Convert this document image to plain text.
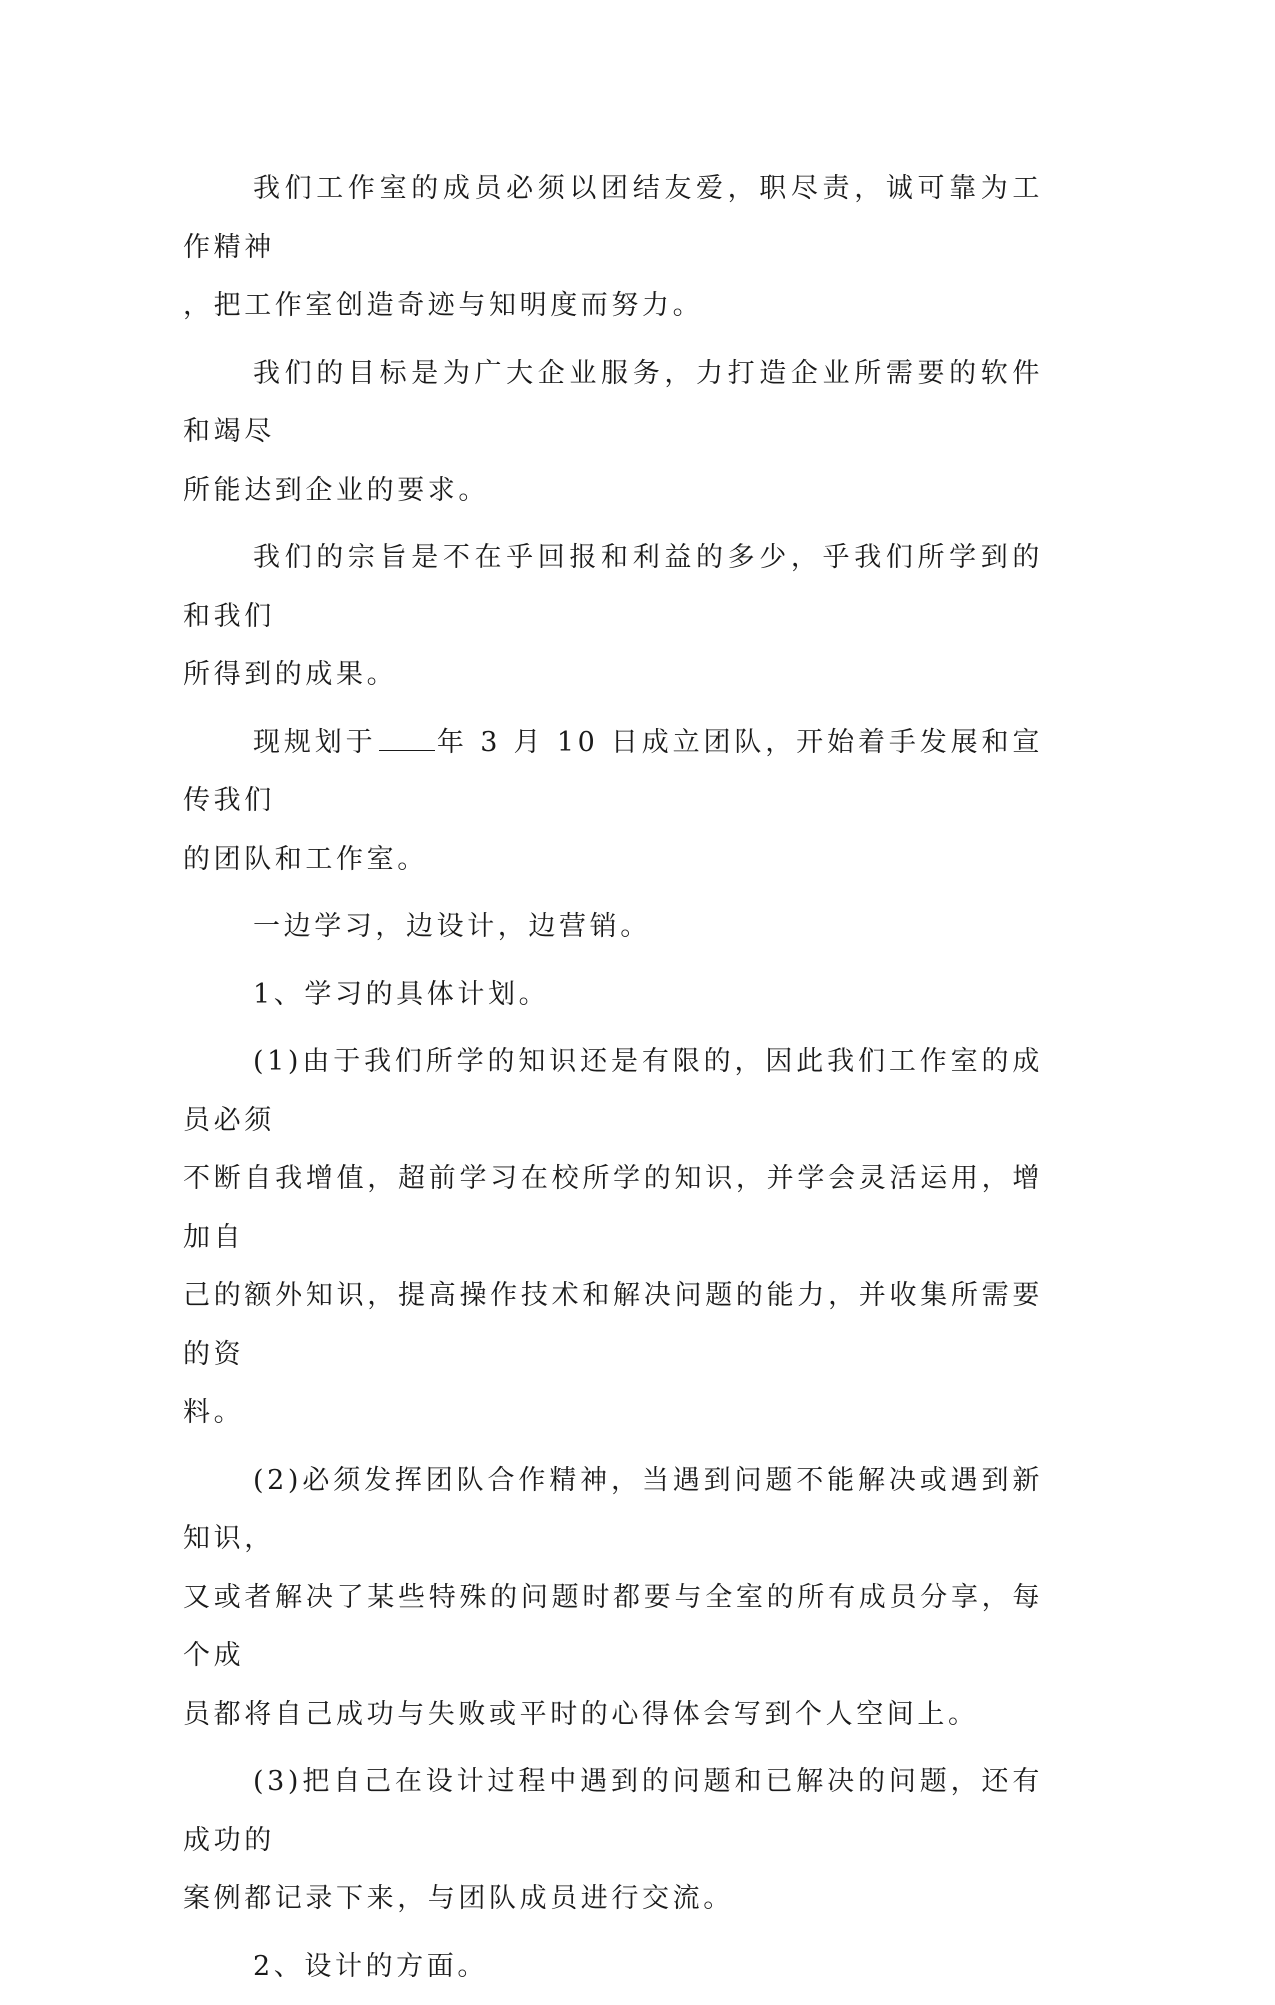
我们工作室的成员必须以团结友爱，职尽责，诚可靠为工作精神
，把工作室创造奇迹与知明度而努力。

我们的目标是为广大企业服务，力打造企业所需要的软件和竭尽
所能达到企业的要求。

我们的宗旨是不在乎回报和利益的多少，乎我们所学到的和我们
所得到的成果。

现规划于 年 3 月 10 日成立团队，开始着手发展和宣传我们
的团队和工作室。

一边学习，边设计，边营销。

1、学习的具体计划。

(1)由于我们所学的知识还是有限的，因此我们工作室的成员必须
不断自我增值，超前学习在校所学的知识，并学会灵活运用，增加自
己的额外知识，提高操作技术和解决问题的能力，并收集所需要的资
料。

(2)必须发挥团队合作精神，当遇到问题不能解决或遇到新知识，
又或者解决了某些特殊的问题时都要与全室的所有成员分享，每个成
员都将自己成功与失败或平时的心得体会写到个人空间上。

(3)把自己在设计过程中遇到的问题和已解决的问题，还有成功的
案例都记录下来，与团队成员进行交流。

2、设计的方面。
